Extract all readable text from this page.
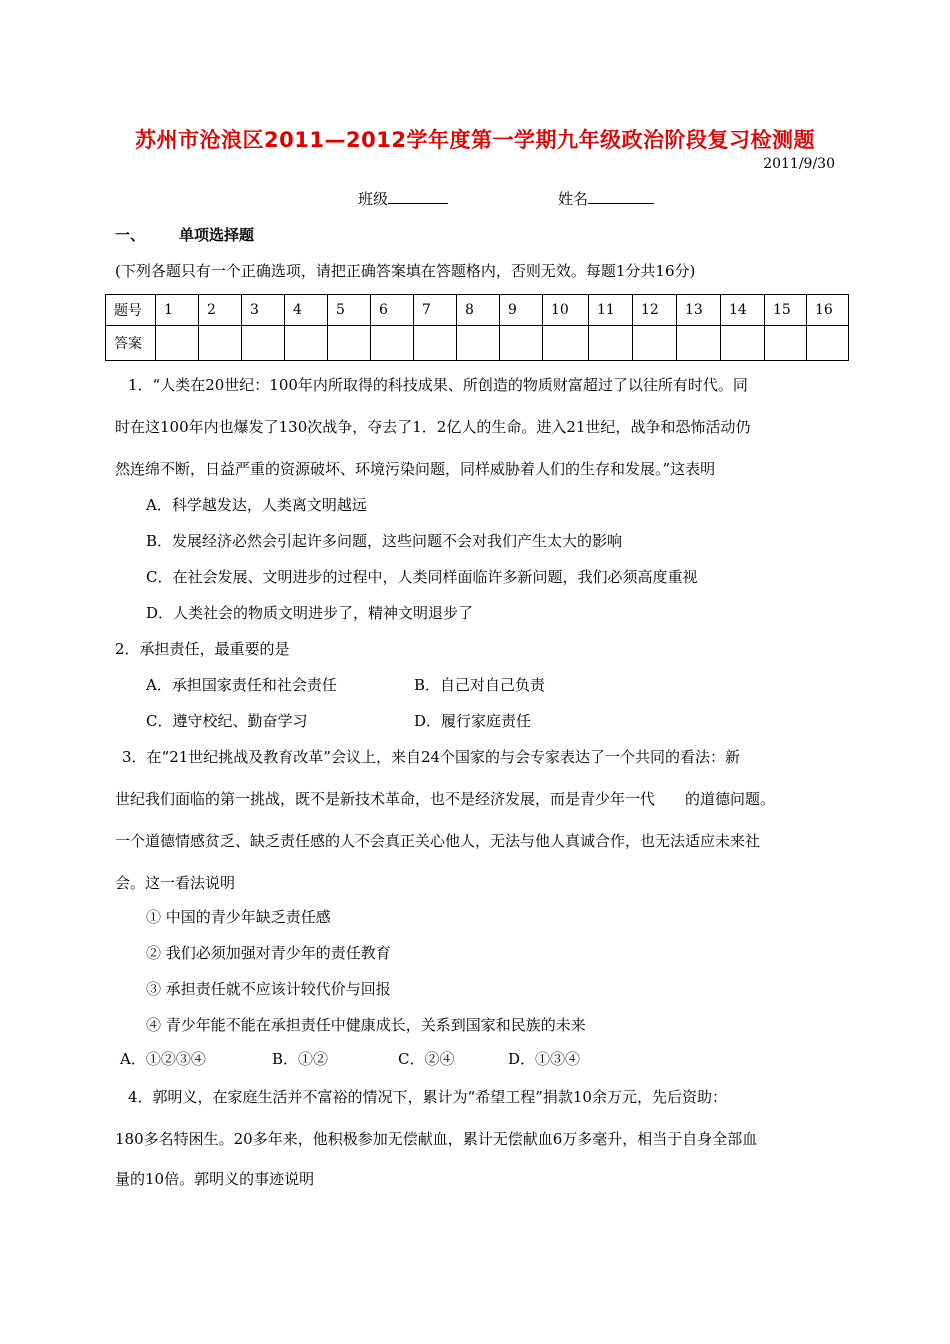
苏州市沧浪区2011—2012学年度第一学期九年级政治阶段复习检测题
2011/9/30
班级	姓名
一、 单项选择题
(下列各题只有一个正确选项，请把正确答案填在答题格内，否则无效。每题1分共16分)
题号	1	2	3	4	5	6	7	8	9	10	11	12	13	14	15	16
答案																
1．“人类在20世纪：100年内所取得的科技成果、所创造的物质财富超过了以往所有时代。同
时在这100年内也爆发了130次战争，夺去了1．2亿人的生命。进入21世纪，战争和恐怖活动仍
然连绵不断，日益严重的资源破坏、环境污染问题，同样威胁着人们的生存和发展。”这表明
A．科学越发达，人类离文明越远
B．发展经济必然会引起许多问题，这些问题不会对我们产生太大的影响
C．在社会发展、文明进步的过程中，人类同样面临许多新问题，我们必须高度重视
D．人类社会的物质文明进步了，精神文明退步了
2．承担责任，最重要的是
A．承担国家责任和社会责任	B．自己对自己负责
C．遵守校纪、勤奋学习	D．履行家庭责任
3．在“21世纪挑战及教育改革”会议上，来自24个国家的与会专家表达了一个共同的看法：新
世纪我们面临的第一挑战，既不是新技术革命，也不是经济发展，而是青少年一代　　的道德问题。
一个道德情感贫乏、缺乏责任感的人不会真正关心他人，无法与他人真诚合作，也无法适应未来社
会。这一看法说明
① 中国的青少年缺乏责任感
② 我们必须加强对青少年的责任教育
③ 承担责任就不应该计较代价与回报
④ 青少年能不能在承担责任中健康成长，关系到国家和民族的未来
A．①②③④	B．①②	C．②④	D．①③④
4．郭明义，在家庭生活并不富裕的情况下，累计为“希望工程”捐款10余万元，先后资助：
180多名特困生。20多年来，他积极参加无偿献血，累计无偿献血6万多毫升，相当于自身全部血
量的10倍。郭明义的事迹说明
